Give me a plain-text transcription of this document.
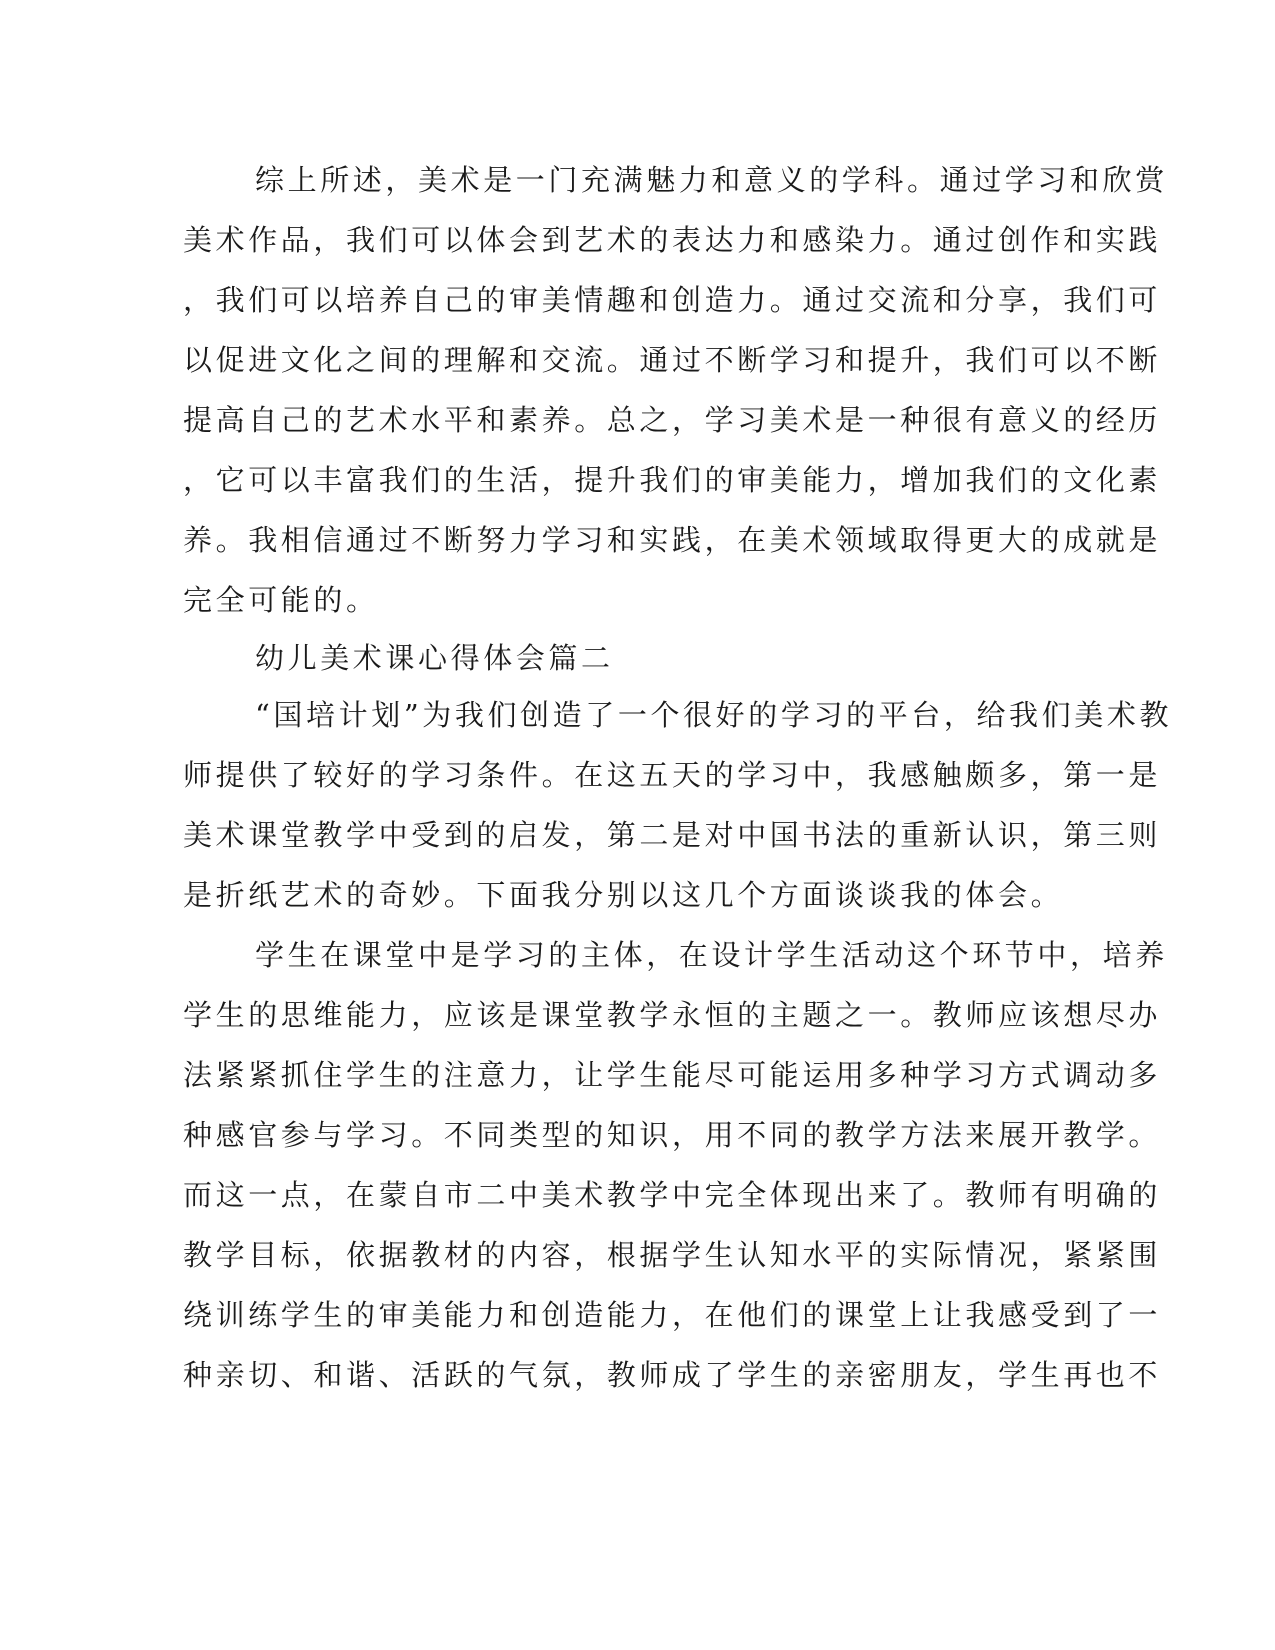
综上所述，美术是一门充满魅力和意义的学科。通过学习和欣赏
美术作品，我们可以体会到艺术的表达力和感染力。通过创作和实践
，我们可以培养自己的审美情趣和创造力。通过交流和分享，我们可
以促进文化之间的理解和交流。通过不断学习和提升，我们可以不断
提高自己的艺术水平和素养。总之，学习美术是一种很有意义的经历
，它可以丰富我们的生活，提升我们的审美能力，增加我们的文化素
养。我相信通过不断努力学习和实践，在美术领域取得更大的成就是
完全可能的。
幼儿美术课心得体会篇二
“国培计划”为我们创造了一个很好的学习的平台，给我们美术教
师提供了较好的学习条件。在这五天的学习中，我感触颇多，第一是
美术课堂教学中受到的启发，第二是对中国书法的重新认识，第三则
是折纸艺术的奇妙。下面我分别以这几个方面谈谈我的体会。
学生在课堂中是学习的主体，在设计学生活动这个环节中，培养
学生的思维能力，应该是课堂教学永恒的主题之一。教师应该想尽办
法紧紧抓住学生的注意力，让学生能尽可能运用多种学习方式调动多
种感官参与学习。不同类型的知识，用不同的教学方法来展开教学。
而这一点，在蒙自市二中美术教学中完全体现出来了。教师有明确的
教学目标，依据教材的内容，根据学生认知水平的实际情况，紧紧围
绕训练学生的审美能力和创造能力，在他们的课堂上让我感受到了一
种亲切、和谐、活跃的气氛，教师成了学生的亲密朋友，学生再也不
